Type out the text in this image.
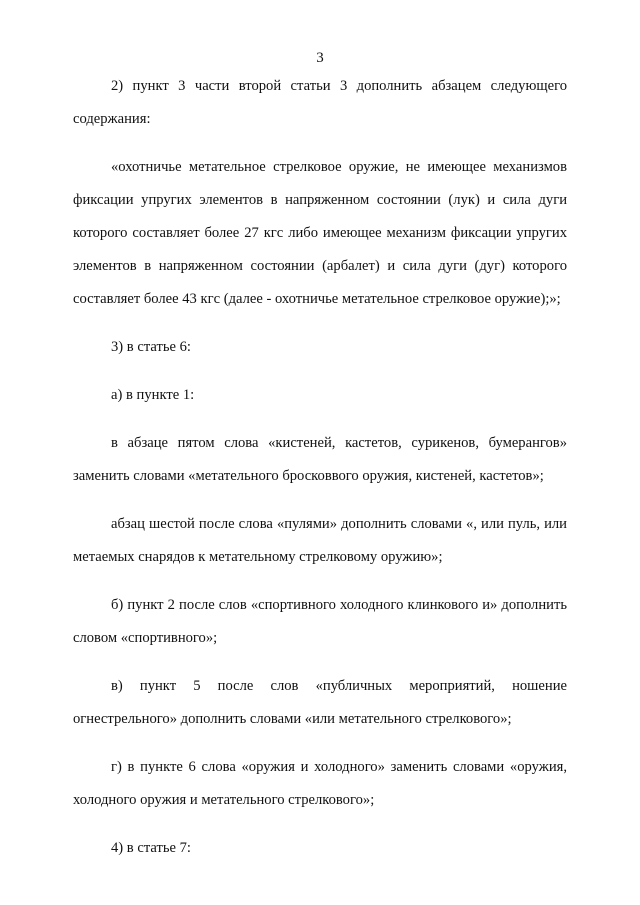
3

2) пункт 3 части второй статьи 3 дополнить абзацем следующего содержания:

«охотничье метательное стрелковое оружие, не имеющее механизмов фиксации упругих элементов в напряженном состоянии (лук) и сила дуги которого составляет более 27 кгс либо имеющее механизм фиксации упругих элементов в напряженном состоянии (арбалет) и сила дуги (дуг) которого составляет более 43 кгс (далее - охотничье метательное стрелковое оружие);»;

3) в статье 6:

а) в пункте 1:

в абзаце пятом слова «кистеней, кастетов, сурикенов, бумерангов» заменить словами «метательного бросковвого оружия, кистеней, кастетов»;

абзац шестой после слова «пулями» дополнить словами «, или пуль, или метаемых снарядов к метательному стрелковому оружию»;

б) пункт 2 после слов «спортивного холодного клинкового и» дополнить словом «спортивного»;

в) пункт 5 после слов «публичных мероприятий, ношение огнестрельного» дополнить словами «или метательного стрелкового»;

г) в пункте 6 слова «оружия и холодного» заменить словами «оружия, холодного оружия и метательного стрелкового»;

4) в статье 7:
